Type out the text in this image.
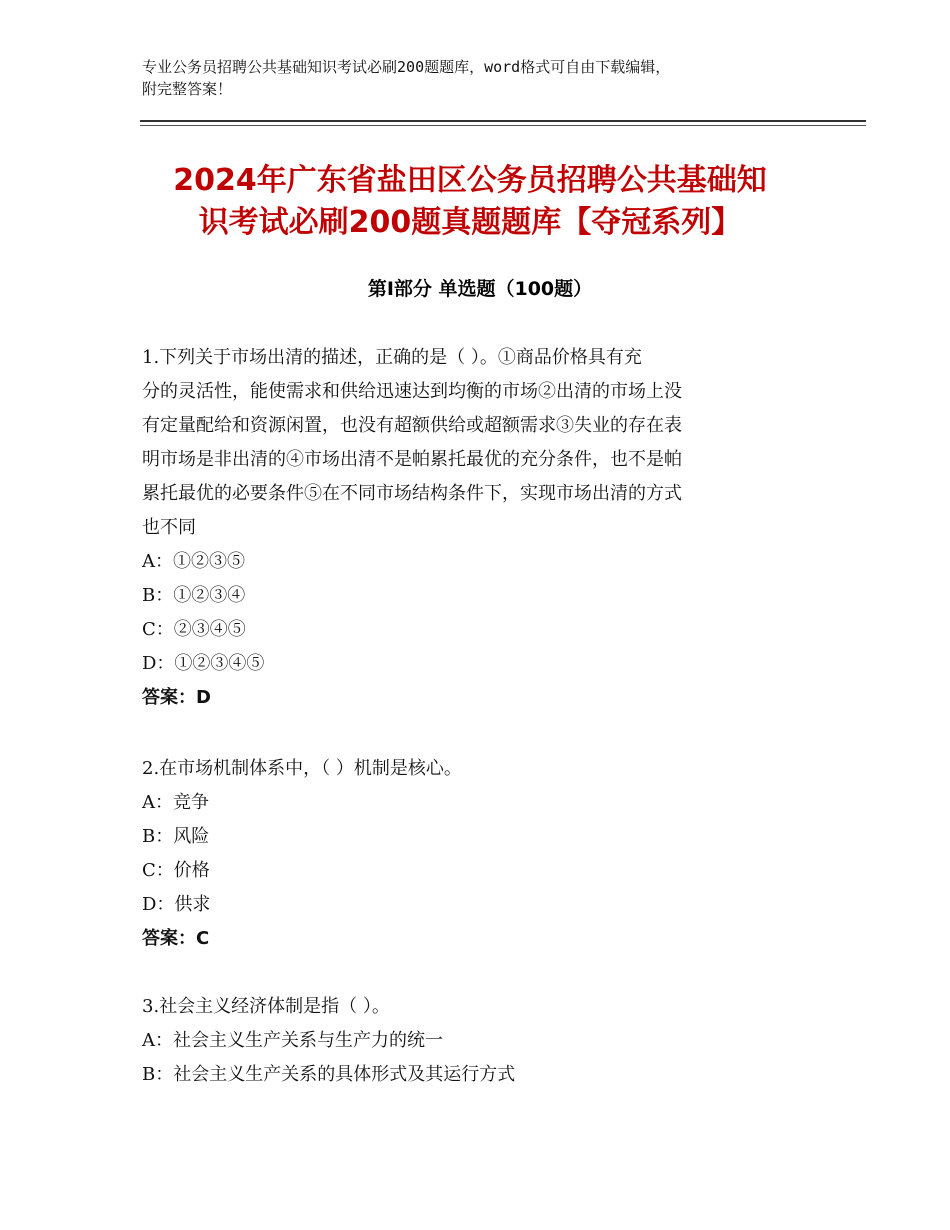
专业公务员招聘公共基础知识考试必刷200题题库，word格式可自由下载编辑，
附完整答案！
2024年广东省盐田区公务员招聘公共基础知
识考试必刷200题真题题库【夺冠系列】
第Ⅰ部分 单选题（100题）
1.下列关于市场出清的描述，正确的是（ ）。①商品价格具有充
分的灵活性，能使需求和供给迅速达到均衡的市场②出清的市场上没
有定量配给和资源闲置，也没有超额供给或超额需求③失业的存在表
明市场是非出清的④市场出清不是帕累托最优的充分条件，也不是帕
累托最优的必要条件⑤在不同市场结构条件下，实现市场出清的方式
也不同
A：①②③⑤
B：①②③④
C：②③④⑤
D：①②③④⑤
答案：D
2.在市场机制体系中，（ ）机制是核心。
A：竞争
B：风险
C：价格
D：供求
答案：C
3.社会主义经济体制是指（ ）。
A：社会主义生产关系与生产力的统一
B：社会主义生产关系的具体形式及其运行方式
